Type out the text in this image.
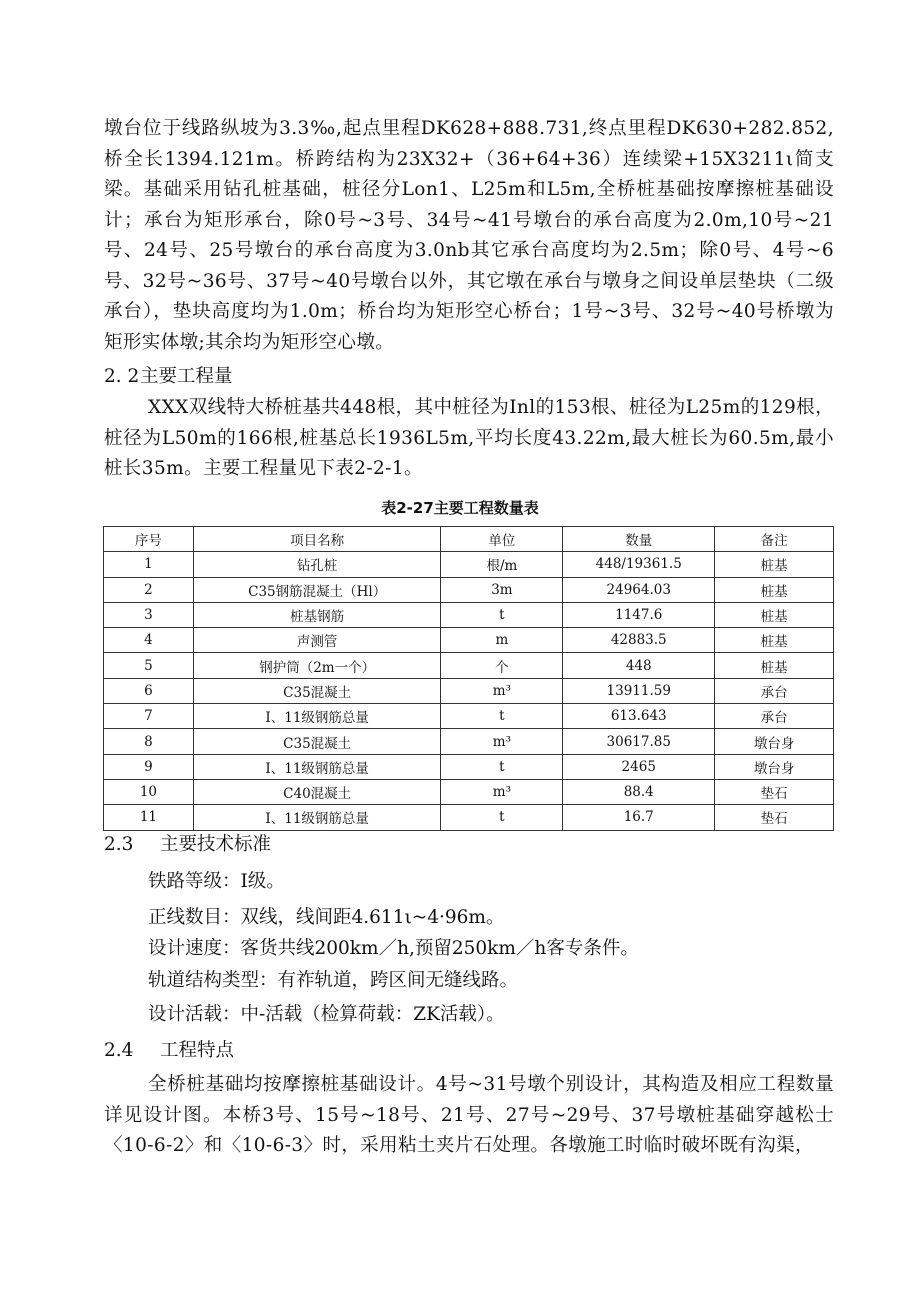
墩台位于线路纵坡为3.3‰,起点里程DK628+888.731,终点里程DK630+282.852,桥全长1394.121m。桥跨结构为23X32+（36+64+36）连续梁+15X3211ι简支梁。基础采用钻孔桩基础，桩径分Lon1、L25m和L5m,全桥桩基础按摩擦桩基础设计；承台为矩形承台，除0号~3号、34号~41号墩台的承台高度为2.0m,10号~21号、24号、25号墩台的承台高度为3.0nb其它承台高度均为2.5m；除0号、4号~6号、32号~36号、37号~40号墩台以外，其它墩在承台与墩身之间设单层垫块（二级承台），垫块高度均为1.0m；桥台均为矩形空心桥台；1号~3号、32号~40号桥墩为矩形实体墩;其余均为矩形空心墩。

2. 2主要工程量

XXX双线特大桥桩基共448根，其中桩径为Inl的153根、桩径为L25m的129根，桩径为L50m的166根,桩基总长1936L5m,平均长度43.22m,最大桩长为60.5m,最小桩长35m。主要工程量见下表2-2-1。

表2-27主要工程数量表
序号	项目名称	单位	数量	备注
1	钻孔桩	根/m	448/19361.5	桩基
2	C35钢筋混凝土（Hl）	3m	24964.03	桩基
3	桩基钢筋	t	1147.6	桩基
4	声测管	m	42883.5	桩基
5	钢护筒（2m一个）	个	448	桩基
6	C35混凝土	m³	13911.59	承台
7	I、11级钢筋总量	t	613.643	承台
8	C35混凝土	m³	30617.85	墩台身
9	I、11级钢筋总量	t	2465	墩台身
10	C40混凝土	m³	88.4	垫石
11	I、11级钢筋总量	t	16.7	垫石

2.3 主要技术标准

铁路等级：I级。

正线数目：双线，线间距4.611ι~4·96m。

设计速度：客货共线200km／h,预留250km／h客专条件。

轨道结构类型：有祚轨道，跨区间无缝线路。

设计活载：中-活载（检算荷载：ZK活载）。

2.4 工程特点

全桥桩基础均按摩擦桩基础设计。4号~31号墩个别设计，其构造及相应工程数量详见设计图。本桥3号、15号~18号、21号、27号~29号、37号墩桩基础穿越松士〈10-6-2〉和〈10-6-3〉时，采用粘土夹片石处理。各墩施工时临时破坏既有沟渠，
